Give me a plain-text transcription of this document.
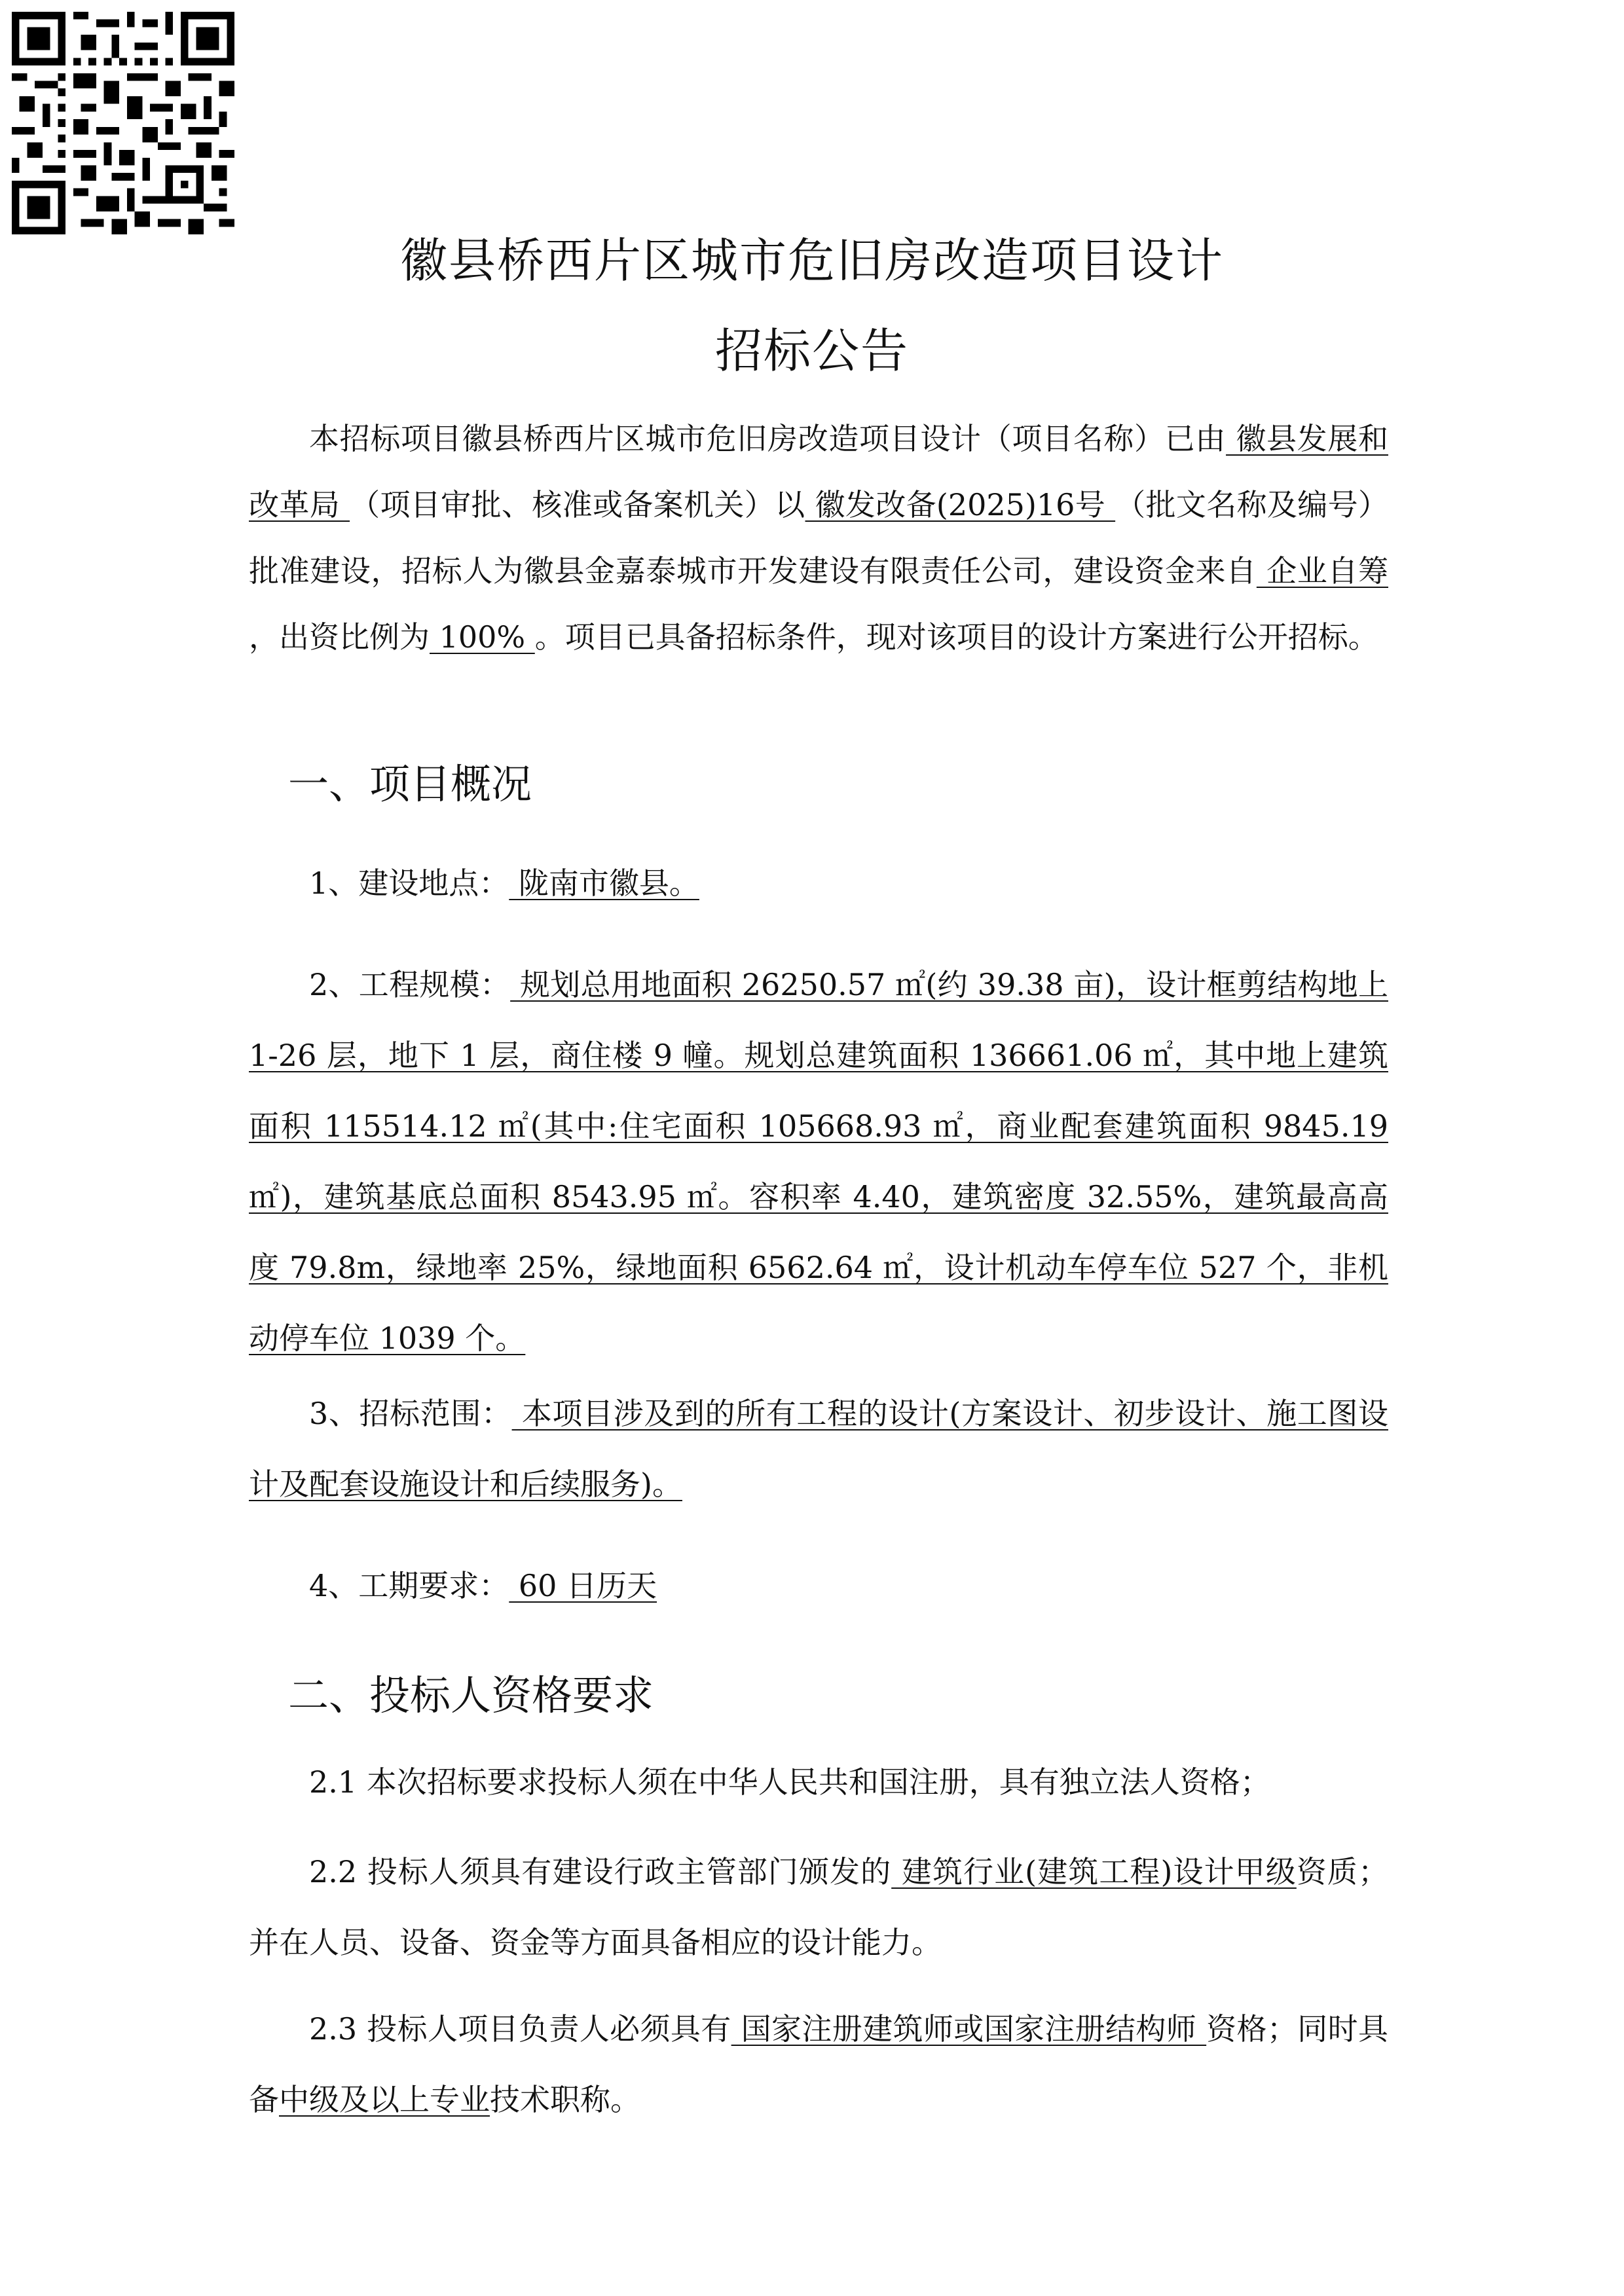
徽县桥西片区城市危旧房改造项目设计
招标公告
本招标项目徽县桥西片区城市危旧房改造项目设计（项目名称）已由 徽县发展和改革局 （项目审批、核准或备案机关）以 徽发改备(2025)16号 （批文名称及编号）批准建设，招标人为徽县金嘉泰城市开发建设有限责任公司，建设资金来自 企业自筹 ，出资比例为 100% 。项目已具备招标条件，现对该项目的设计方案进行公开招标。
一、项目概况
1、建设地点： 陇南市徽县。
2、工程规模： 规划总用地面积 26250.57 ㎡(约 39.38 亩)，设计框剪结构地上 1-26 层，地下 1 层，商住楼 9 幢。规划总建筑面积 136661.06 ㎡，其中地上建筑面积 115514.12 ㎡(其中:住宅面积 105668.93 ㎡，商业配套建筑面积 9845.19 ㎡)，建筑基底总面积 8543.95 ㎡。容积率 4.40，建筑密度 32.55%，建筑最高高度 79.8m，绿地率 25%，绿地面积 6562.64 ㎡，设计机动车停车位 527 个，非机动停车位 1039 个。
3、招标范围： 本项目涉及到的所有工程的设计(方案设计、初步设计、施工图设计及配套设施设计和后续服务)。
4、工期要求： 60 日历天
二、投标人资格要求
2.1 本次招标要求投标人须在中华人民共和国注册，具有独立法人资格；
2.2 投标人须具有建设行政主管部门颁发的 建筑行业(建筑工程)设计甲级资质；并在人员、设备、资金等方面具备相应的设计能力。
2.3 投标人项目负责人必须具有 国家注册建筑师或国家注册结构师 资格；同时具备中级及以上专业技术职称。
